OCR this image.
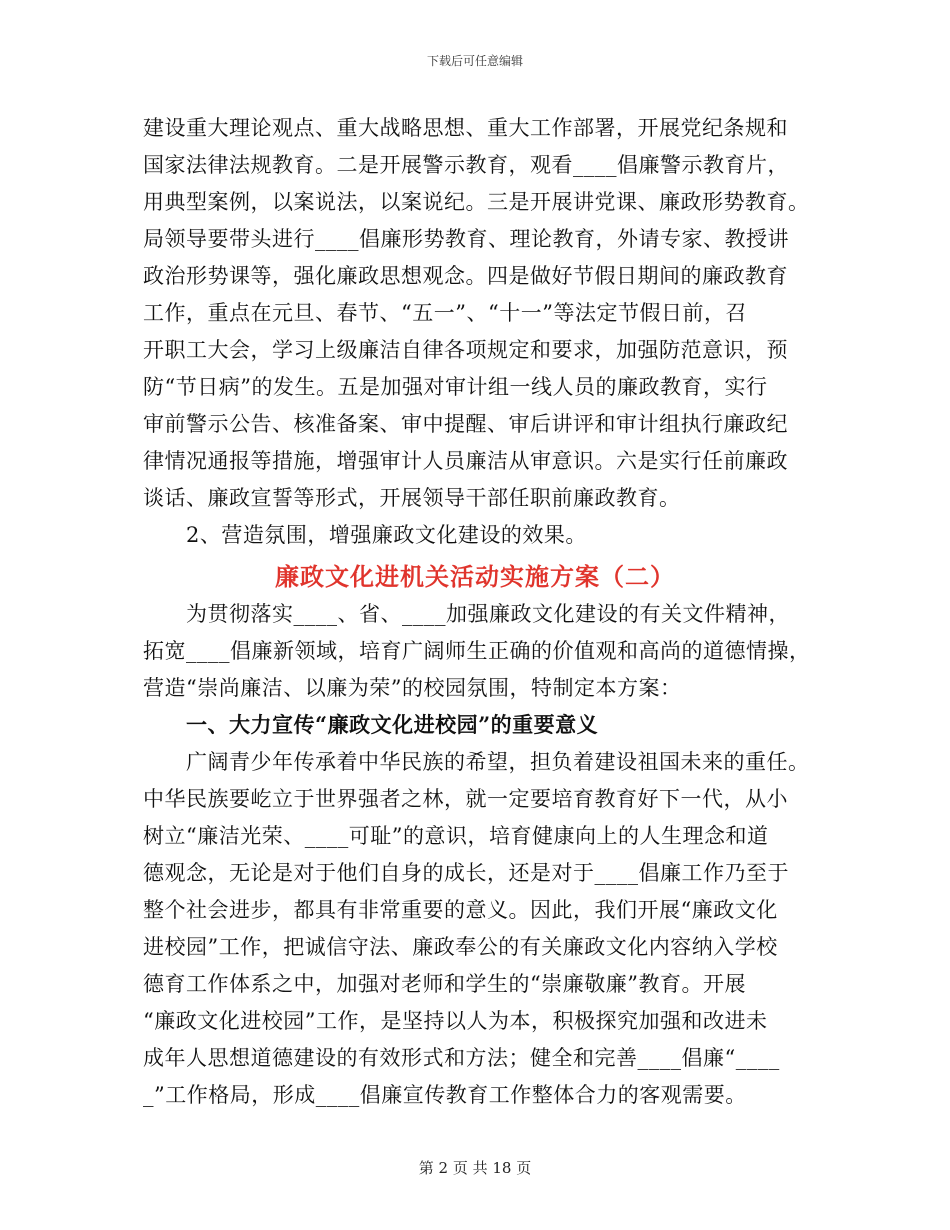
下载后可任意编辑
建设重大理论观点、重大战略思想、重大工作部署，开展党纪条规和
国家法律法规教育。二是开展警示教育，观看____倡廉警示教育片，
用典型案例，以案说法，以案说纪。三是开展讲党课、廉政形势教育。
局领导要带头进行____倡廉形势教育、理论教育，外请专家、教授讲
政治形势课等，强化廉政思想观念。四是做好节假日期间的廉政教育
工作，重点在元旦、春节、“五一”、“十一”等法定节假日前，召
开职工大会，学习上级廉洁自律各项规定和要求，加强防范意识，预
防“节日病”的发生。五是加强对审计组一线人员的廉政教育，实行
审前警示公告、核准备案、审中提醒、审后讲评和审计组执行廉政纪
律情况通报等措施，增强审计人员廉洁从审意识。六是实行任前廉政
谈话、廉政宣誓等形式，开展领导干部任职前廉政教育。
2、营造氛围，增强廉政文化建设的效果。
廉政文化进机关活动实施方案（二）
为贯彻落实____、省、____加强廉政文化建设的有关文件精神，
拓宽____倡廉新领域，培育广阔师生正确的价值观和高尚的道德情操，
营造“崇尚廉洁、以廉为荣”的校园氛围，特制定本方案：
一、大力宣传“廉政文化进校园”的重要意义
广阔青少年传承着中华民族的希望，担负着建设祖国未来的重任。
中华民族要屹立于世界强者之林，就一定要培育教育好下一代，从小
树立“廉洁光荣、____可耻”的意识，培育健康向上的人生理念和道
德观念，无论是对于他们自身的成长，还是对于____倡廉工作乃至于
整个社会进步，都具有非常重要的意义。因此，我们开展“廉政文化
进校园”工作，把诚信守法、廉政奉公的有关廉政文化内容纳入学校
德育工作体系之中，加强对老师和学生的“崇廉敬廉”教育。开展
“廉政文化进校园”工作，是坚持以人为本，积极探究加强和改进未
成年人思想道德建设的有效形式和方法；健全和完善____倡廉“____
_”工作格局，形成____倡廉宣传教育工作整体合力的客观需要。
第 2 页 共 18 页
